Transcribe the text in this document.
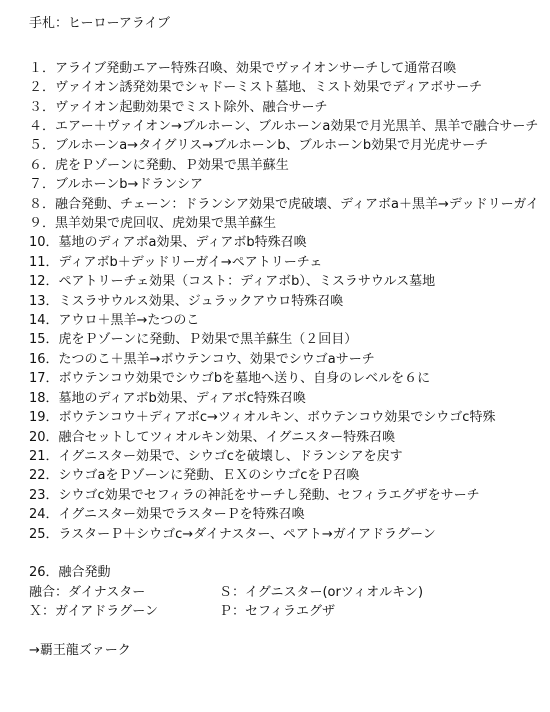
手札：ヒーローアライブ
１．アライブ発動エアー特殊召喚、効果でヴァイオンサーチして通常召喚
２．ヴァイオン誘発効果でシャドーミスト墓地、ミスト効果でディアボサーチ
３．ヴァイオン起動効果でミスト除外、融合サーチ
４．エアー＋ヴァイオン→ブルホーン、ブルホーンa効果で月光黒羊、黒羊で融合サーチ
５．ブルホーンa→タイグリス→ブルホーンb、ブルホーンb効果で月光虎サーチ
６．虎をＰゾーンに発動、Ｐ効果で黒羊蘇生
７．ブルホーンb→ドランシア
８．融合発動、チェーン：ドランシア効果で虎破壊、ディアボa＋黒羊→デッドリーガイ
９．黒羊効果で虎回収、虎効果で黒羊蘇生
10．墓地のディアボa効果、ディアボb特殊召喚
11．ディアボb＋デッドリーガイ→ペアトリーチェ
12．ペアトリーチェ効果（コスト：ディアボb）、ミスラサウルス墓地
13．ミスラサウルス効果、ジュラックアウロ特殊召喚
14．アウロ＋黒羊→たつのこ
15．虎をＰゾーンに発動、Ｐ効果で黒羊蘇生（２回目）
16．たつのこ＋黒羊→ボウテンコウ、効果でシウゴaサーチ
17．ボウテンコウ効果でシウゴbを墓地へ送り、自身のレベルを６に
18．墓地のディアボb効果、ディアボc特殊召喚
19．ボウテンコウ＋ディアボc→ツィオルキン、ボウテンコウ効果でシウゴc特殊
20．融合セットしてツィオルキン効果、イグニスター特殊召喚
21．イグニスター効果で、シウゴcを破壊し、ドランシアを戻す
22．シウゴaをＰゾーンに発動、ＥＸのシウゴcをＰ召喚
23．シウゴc効果でセフィラの神託をサーチし発動、セフィラエグザをサーチ
24．イグニスター効果でラスターＰを特殊召喚
25．ラスターＰ＋シウゴc→ダイナスター、ペアト→ガイアドラグーン
26．融合発動
融合：ダイナスター	Ｓ：イグニスター(orツィオルキン)
Ｘ：ガイアドラグーン	Ｐ：セフィラエグザ
→覇王龍ズァーク
